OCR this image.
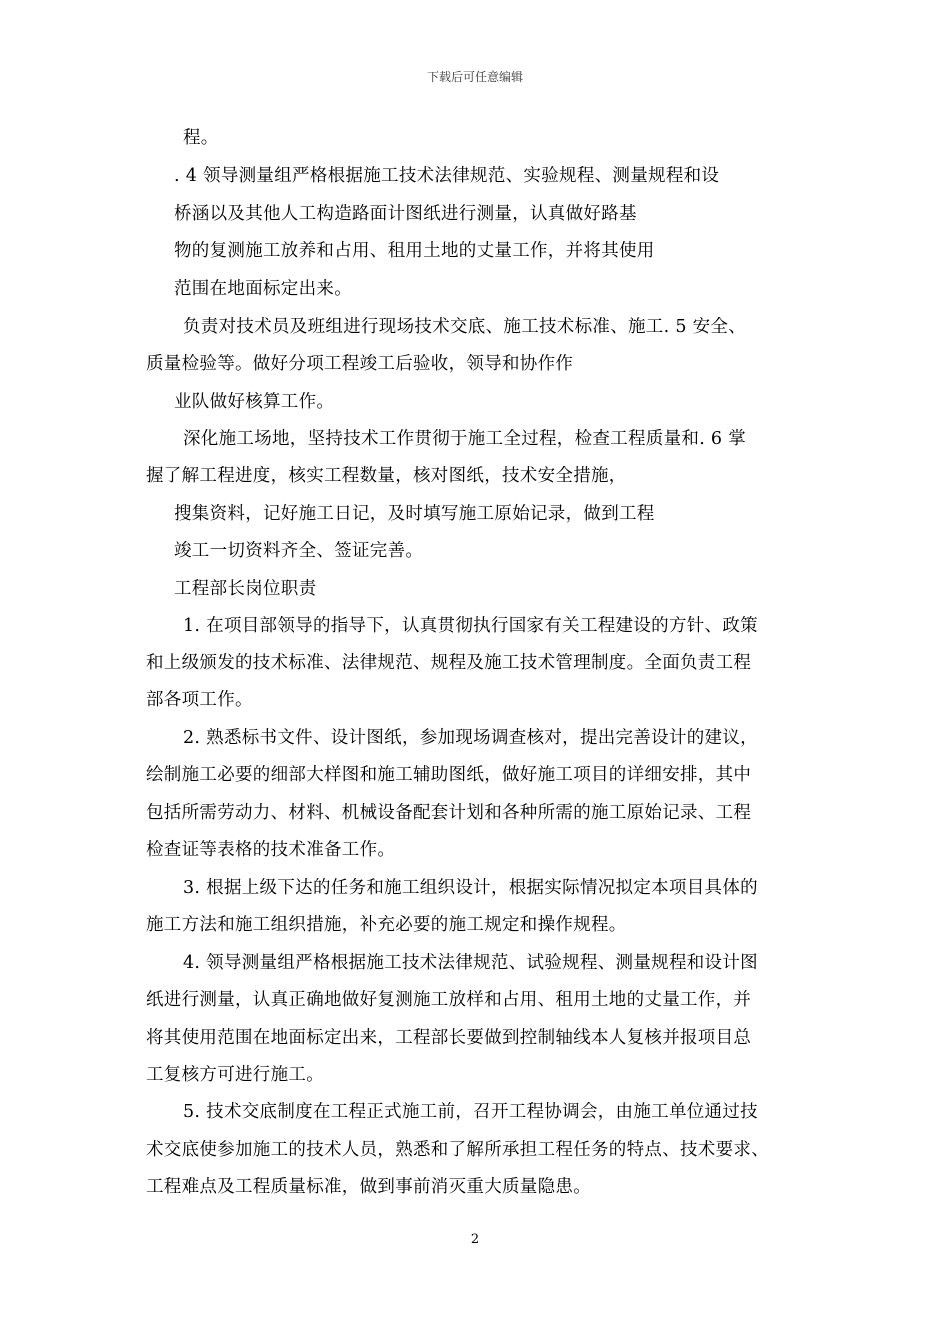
下载后可任意编辑
程。
. 4 领导测量组严格根据施工技术法律规范、实验规程、测量规程和设
桥涵以及其他人工构造路面计图纸进行测量，认真做好路基
物的复测施工放养和占用、租用土地的丈量工作，并将其使用
范围在地面标定出来。
负责对技术员及班组进行现场技术交底、施工技术标准、施工. 5 安全、
质量检验等。做好分项工程竣工后验收，领导和协作作
业队做好核算工作。
深化施工场地，坚持技术工作贯彻于施工全过程，检查工程质量和. 6 掌
握了解工程进度，核实工程数量，核对图纸，技术安全措施，
搜集资料，记好施工日记，及时填写施工原始记录，做到工程
竣工一切资料齐全、签证完善。
工程部长岗位职责
1. 在项目部领导的指导下，认真贯彻执行国家有关工程建设的方针、政策
和上级颁发的技术标准、法律规范、规程及施工技术管理制度。全面负责工程
部各项工作。
2. 熟悉标书文件、设计图纸，参加现场调查核对，提出完善设计的建议，
绘制施工必要的细部大样图和施工辅助图纸，做好施工项目的详细安排，其中
包括所需劳动力、材料、机械设备配套计划和各种所需的施工原始记录、工程
检查证等表格的技术准备工作。
3. 根据上级下达的任务和施工组织设计，根据实际情况拟定本项目具体的
施工方法和施工组织措施，补充必要的施工规定和操作规程。
4. 领导测量组严格根据施工技术法律规范、试验规程、测量规程和设计图
纸进行测量，认真正确地做好复测施工放样和占用、租用土地的丈量工作，并
将其使用范围在地面标定出来，工程部长要做到控制轴线本人复核并报项目总
工复核方可进行施工。
5. 技术交底制度在工程正式施工前，召开工程协调会，由施工单位通过技
术交底使参加施工的技术人员，熟悉和了解所承担工程任务的特点、技术要求、
工程难点及工程质量标准，做到事前消灭重大质量隐患。
2
